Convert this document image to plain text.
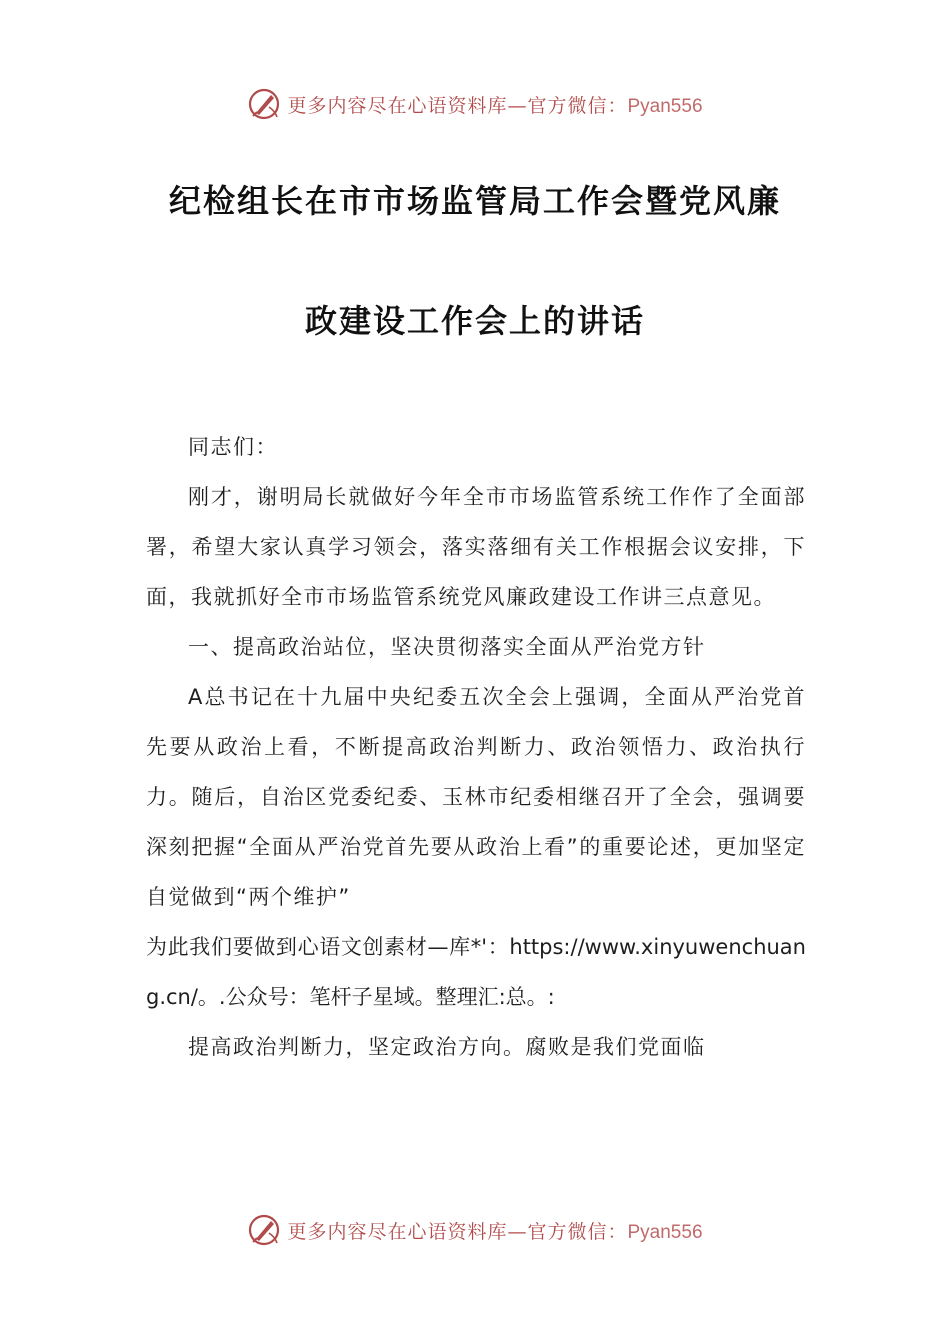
更多内容尽在心语资料库—官方微信：Pyan556
纪检组长在市市场监管局工作会暨党风廉
政建设工作会上的讲话

同志们：

刚才，谢明局长就做好今年全市市场监管系统工作作了全面部署，希望大家认真学习领会，落实落细有关工作根据会议安排，下面，我就抓好全市市场监管系统党风廉政建设工作讲三点意见。

一、提高政治站位，坚决贯彻落实全面从严治党方针

A总书记在十九届中央纪委五次全会上强调，全面从严治党首先要从政治上看，不断提高政治判断力、政治领悟力、政治执行力。随后，自治区党委纪委、玉林市纪委相继召开了全会，强调要深刻把握“全面从严治党首先要从政治上看”的重要论述，更加坚定自觉做到“两个维护”

为此我们要做到心语文创素材—库*'：https://www.xinyuwenchuang.cn/。.公众号：笔杆子星域。整理汇:总。:

提高政治判断力，坚定政治方向。腐败是我们党面临

更多内容尽在心语资料库—官方微信：Pyan556
